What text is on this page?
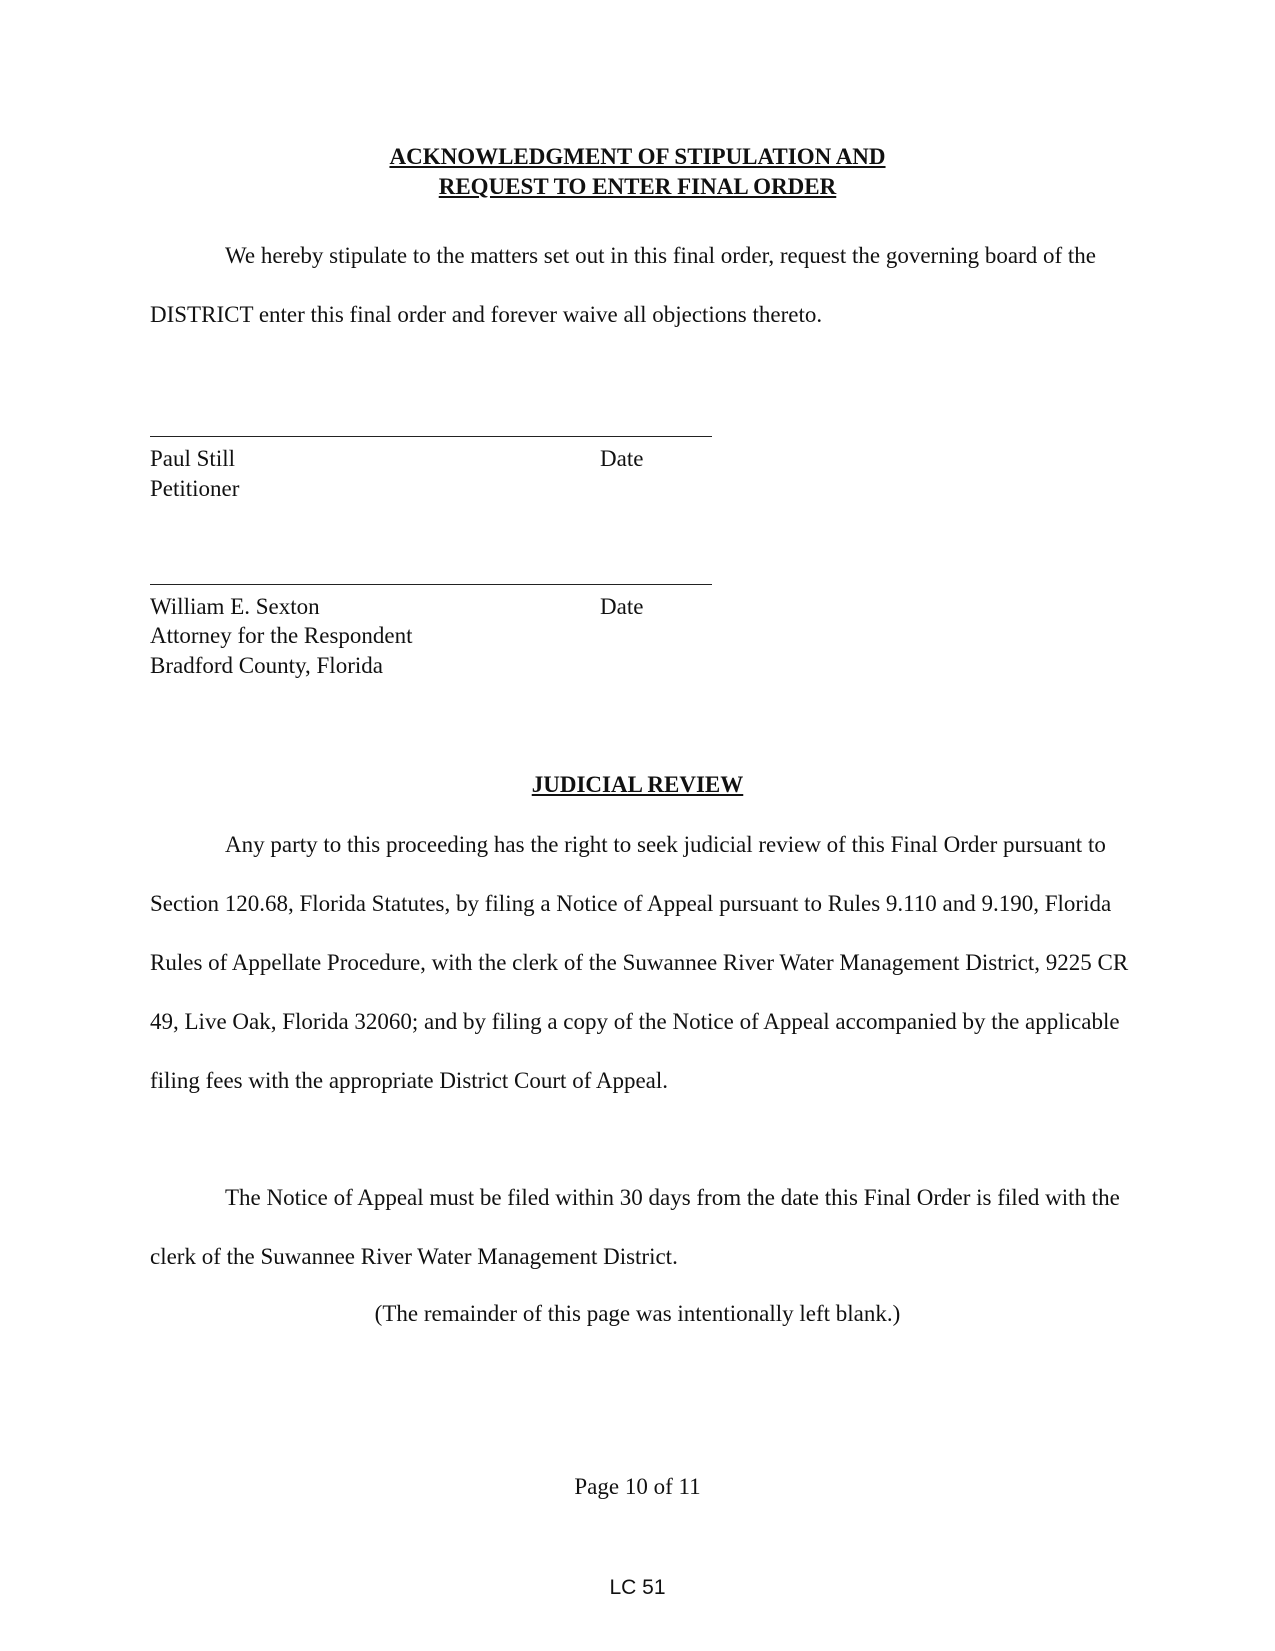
ACKNOWLEDGMENT OF STIPULATION AND
REQUEST TO ENTER FINAL ORDER

We hereby stipulate to the matters set out in this final order, request the governing board of the DISTRICT enter this final order and forever waive all objections thereto.

Paul Still	Date
Petitioner
William E. Sexton	Date
Attorney for the Respondent
Bradford County, Florida
JUDICIAL REVIEW

Any party to this proceeding has the right to seek judicial review of this Final Order pursuant to Section 120.68, Florida Statutes, by filing a Notice of Appeal pursuant to Rules 9.110 and 9.190, Florida Rules of Appellate Procedure, with the clerk of the Suwannee River Water Management District, 9225 CR 49, Live Oak, Florida 32060; and by filing a copy of the Notice of Appeal accompanied by the applicable filing fees with the appropriate District Court of Appeal.

The Notice of Appeal must be filed within 30 days from the date this Final Order is filed with the clerk of the Suwannee River Water Management District.

(The remainder of this page was intentionally left blank.)
Page 10 of 11
LC 51
